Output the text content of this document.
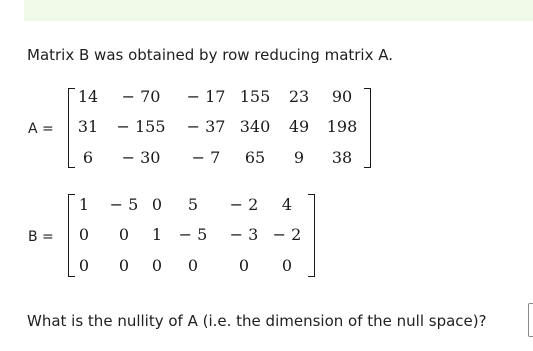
Matrix B was obtained by row reducing matrix A.
A =
14 − 70 − 17 155 23 90
31 − 155 − 37 340 49 198
6 − 30 − 7 65 9 38
B =
1 − 5 0 5 − 2 4
0 0 1 − 5 − 3 − 2
0 0 0 0	0 0
What is the nullity of A (i.e. the dimension of the null space)?
